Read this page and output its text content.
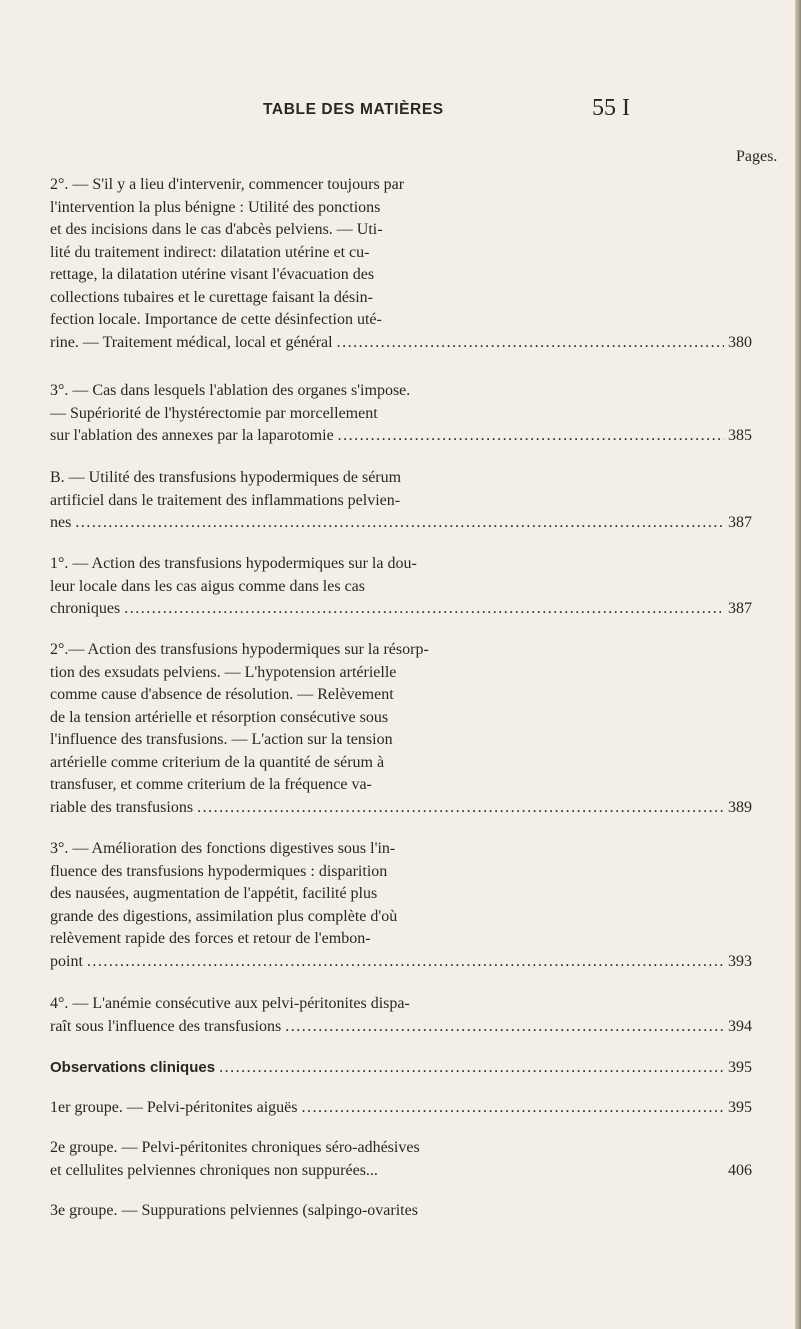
TABLE DES MATIÈRES	55 I
Pages.
2°. — S'il y a lieu d'intervenir, commencer toujours par
l'intervention la plus bénigne : Utilité des ponctions
et des incisions dans le cas d'abcès pelviens. — Uti-
lité du traitement indirect: dilatation utérine et cu-
rettage, la dilatation utérine visant l'évacuation des
collections tubaires et le curettage faisant la désin-
fection locale. Importance de cette désinfection uté-
rine. — Traitement médical, local et général .....	380
3°. — Cas dans lesquels l'ablation des organes s'impose.
— Supériorité de l'hystérectomie par morcellement
sur l'ablation des annexes par la laparotomie .....	385
B. — Utilité des transfusions hypodermiques de sérum
artificiel dans le traitement des inflammations pelvien-
nes .....	387
1°. — Action des transfusions hypodermiques sur la dou-
leur locale dans les cas aigus comme dans les cas
chroniques .....	387
2°.— Action des transfusions hypodermiques sur la résorp-
tion des exsudats pelviens. — L'hypotension artérielle
comme cause d'absence de résolution. — Relèvement
de la tension artérielle et résorption consécutive sous
l'influence des transfusions. — L'action sur la tension
artérielle comme criterium de la quantité de sérum à
transfuser, et comme criterium de la fréquence va-
riable des transfusions .....	389
3°. — Amélioration des fonctions digestives sous l'in-
fluence des transfusions hypodermiques : disparition
des nausées, augmentation de l'appétit, facilité plus
grande des digestions, assimilation plus complète d'où
relèvement rapide des forces et retour de l'embon-
point .....	393
4°. — L'anémie consécutive aux pelvi-péritonites dispa-
raît sous l'influence des transfusions .....	394
Observations cliniques .....	395
1er groupe. — Pelvi-péritonites aiguës .....	395
2e groupe. — Pelvi-péritonites chroniques séro-adhésives
et cellulites pelviennes chroniques non suppurées...	406
3e groupe. — Suppurations pelviennes (salpingo-ovarites
